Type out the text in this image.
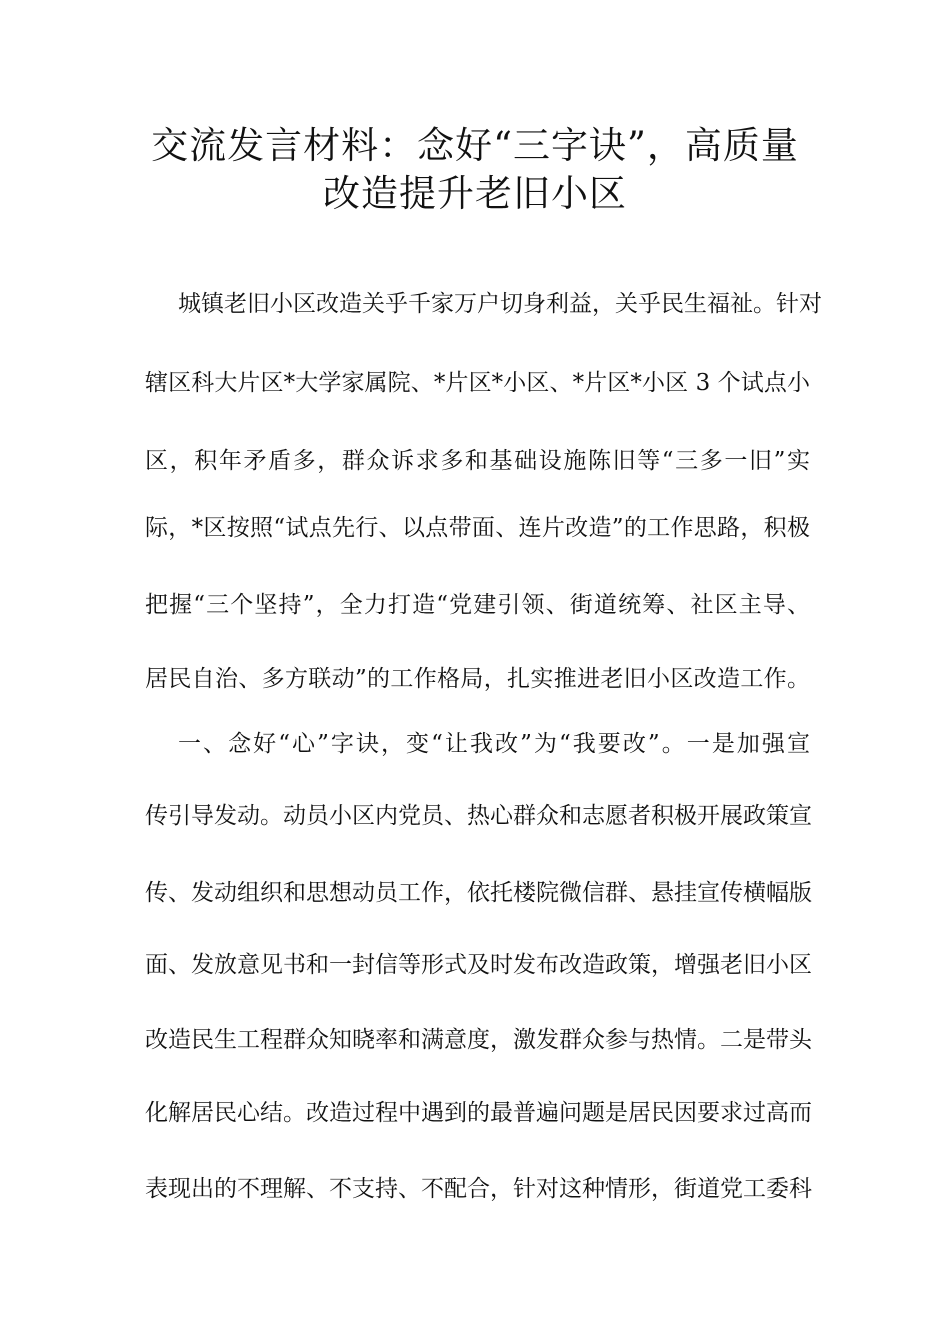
交流发言材料：念好“三字诀”，高质量
改造提升老旧小区
城镇老旧小区改造关乎千家万户切身利益，关乎民生福祉。针对
辖区科大片区*大学家属院、*片区*小区、*片区*小区 3 个试点小
区，积年矛盾多，群众诉求多和基础设施陈旧等“三多一旧”实
际，*区按照“试点先行、以点带面、连片改造”的工作思路，积极
把握“三个坚持”，全力打造“党建引领、街道统筹、社区主导、
居民自治、多方联动”的工作格局，扎实推进老旧小区改造工作。
一、念好“心”字诀，变“让我改”为“我要改”。一是加强宣
传引导发动。动员小区内党员、热心群众和志愿者积极开展政策宣
传、发动组织和思想动员工作，依托楼院微信群、悬挂宣传横幅版
面、发放意见书和一封信等形式及时发布改造政策，增强老旧小区
改造民生工程群众知晓率和满意度，激发群众参与热情。二是带头
化解居民心结。改造过程中遇到的最普遍问题是居民因要求过高而
表现出的不理解、不支持、不配合，针对这种情形，街道党工委科
